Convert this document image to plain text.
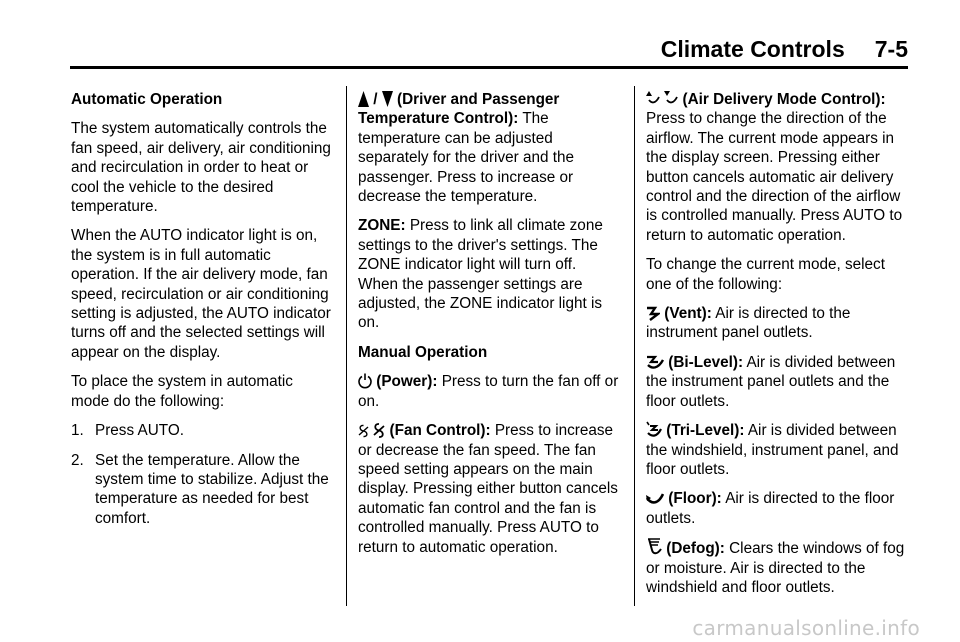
Climate Controls 7-5

Automatic Operation

The system automatically controls the fan speed, air delivery, air conditioning and recirculation in order to heat or cool the vehicle to the desired temperature.

When the AUTO indicator light is on, the system is in full automatic operation. If the air delivery mode, fan speed, recirculation or air conditioning setting is adjusted, the AUTO indicator turns off and the selected settings will appear on the display.

To place the system in automatic mode do the following:

1. Press AUTO.
2. Set the temperature. Allow the system time to stabilize. Adjust the temperature as needed for best comfort.

/ (Driver and Passenger Temperature Control): The temperature can be adjusted separately for the driver and the passenger. Press to increase or decrease the temperature.

ZONE: Press to link all climate zone settings to the driver's settings. The ZONE indicator light will turn off. When the passenger settings are adjusted, the ZONE indicator light is on.

Manual Operation

(Power): Press to turn the fan off or on.

(Fan Control): Press to increase or decrease the fan speed. The fan speed setting appears on the main display. Pressing either button cancels automatic fan control and the fan is controlled manually. Press AUTO to return to automatic operation.

(Air Delivery Mode Control): Press to change the direction of the airflow. The current mode appears in the display screen. Pressing either button cancels automatic air delivery control and the direction of the airflow is controlled manually. Press AUTO to return to automatic operation.

To change the current mode, select one of the following:

(Vent): Air is directed to the instrument panel outlets.

(Bi-Level): Air is divided between the instrument panel outlets and the floor outlets.

(Tri-Level): Air is divided between the windshield, instrument panel, and floor outlets.

(Floor): Air is directed to the floor outlets.

(Defog): Clears the windows of fog or moisture. Air is directed to the windshield and floor outlets.

carmanualsonline.info
